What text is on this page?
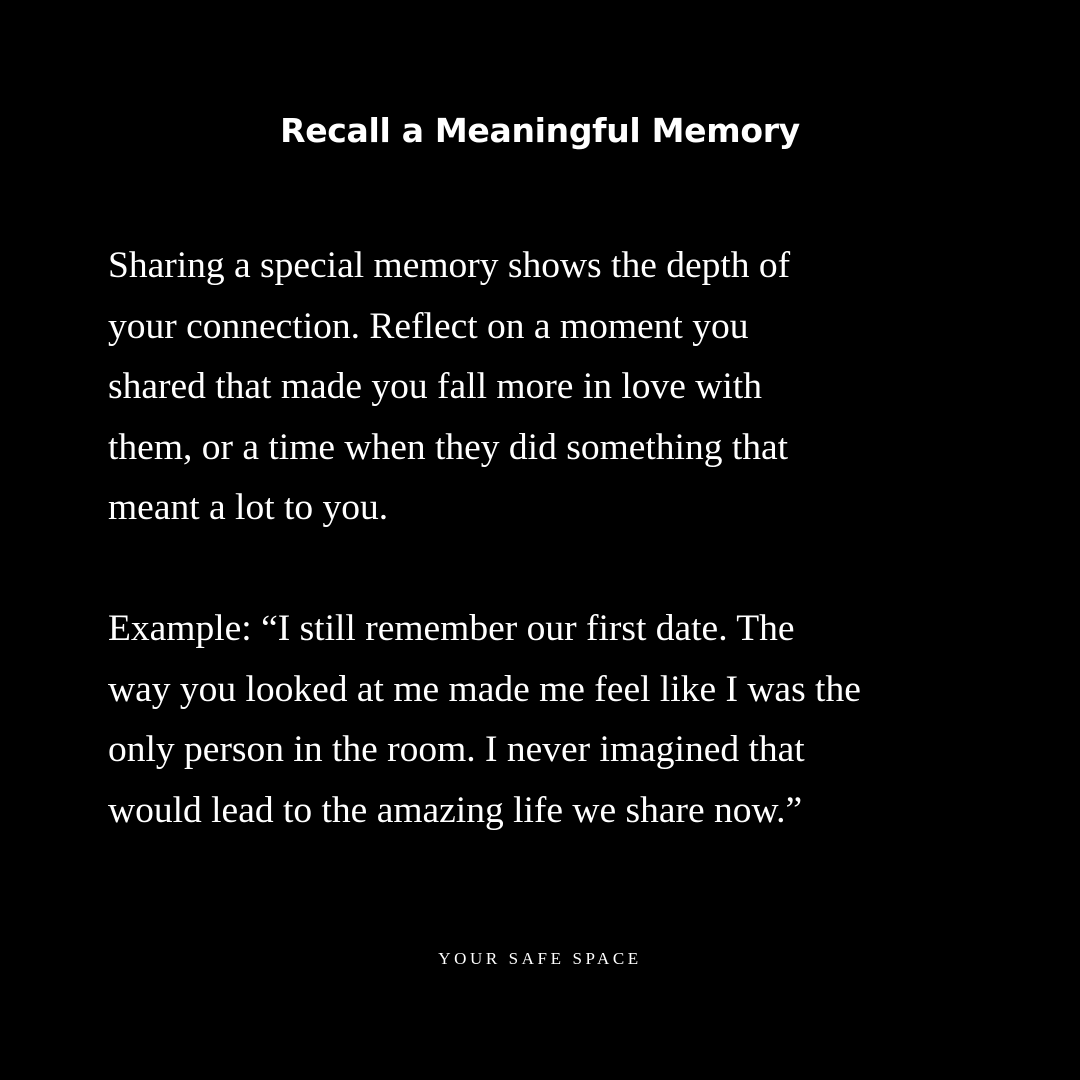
Recall a Meaningful Memory
Sharing a special memory shows the depth of
your connection. Reflect on a moment you
shared that made you fall more in love with
them, or a time when they did something that
meant a lot to you.
Example: “I still remember our first date. The
way you looked at me made me feel like I was the
only person in the room. I never imagined that
would lead to the amazing life we share now.”

YOUR SAFE SPACE
